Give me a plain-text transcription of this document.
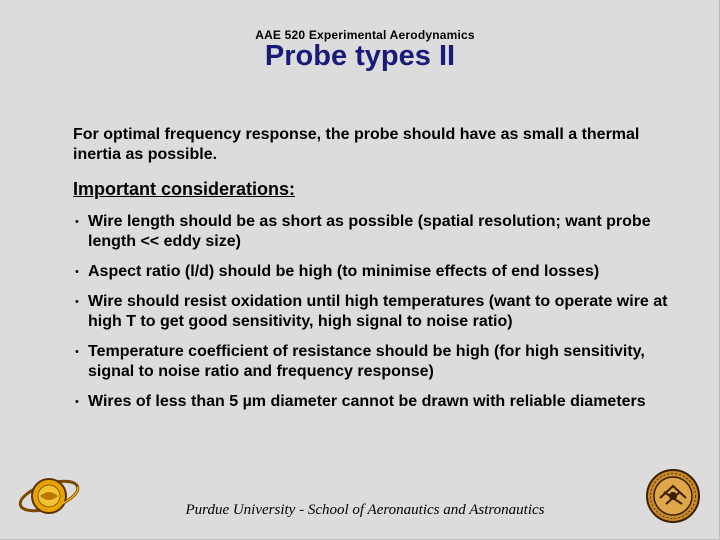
AAE 520 Experimental Aerodynamics
Probe types II
For optimal frequency response, the probe should have as small a thermal inertia as possible.
Important considerations:
• Wire length should be as short as possible (spatial resolution; want probe length << eddy size)
• Aspect ratio (l/d) should be high (to minimise effects of end losses)
• Wire should resist oxidation until high temperatures (want to operate wire at high T to get good sensitivity, high signal to noise ratio)
• Temperature coefficient of resistance should be high (for high sensitivity, signal to noise ratio and frequency response)
• Wires of less than 5 µm diameter cannot be drawn with reliable diameters
Purdue University - School of Aeronautics and Astronautics
